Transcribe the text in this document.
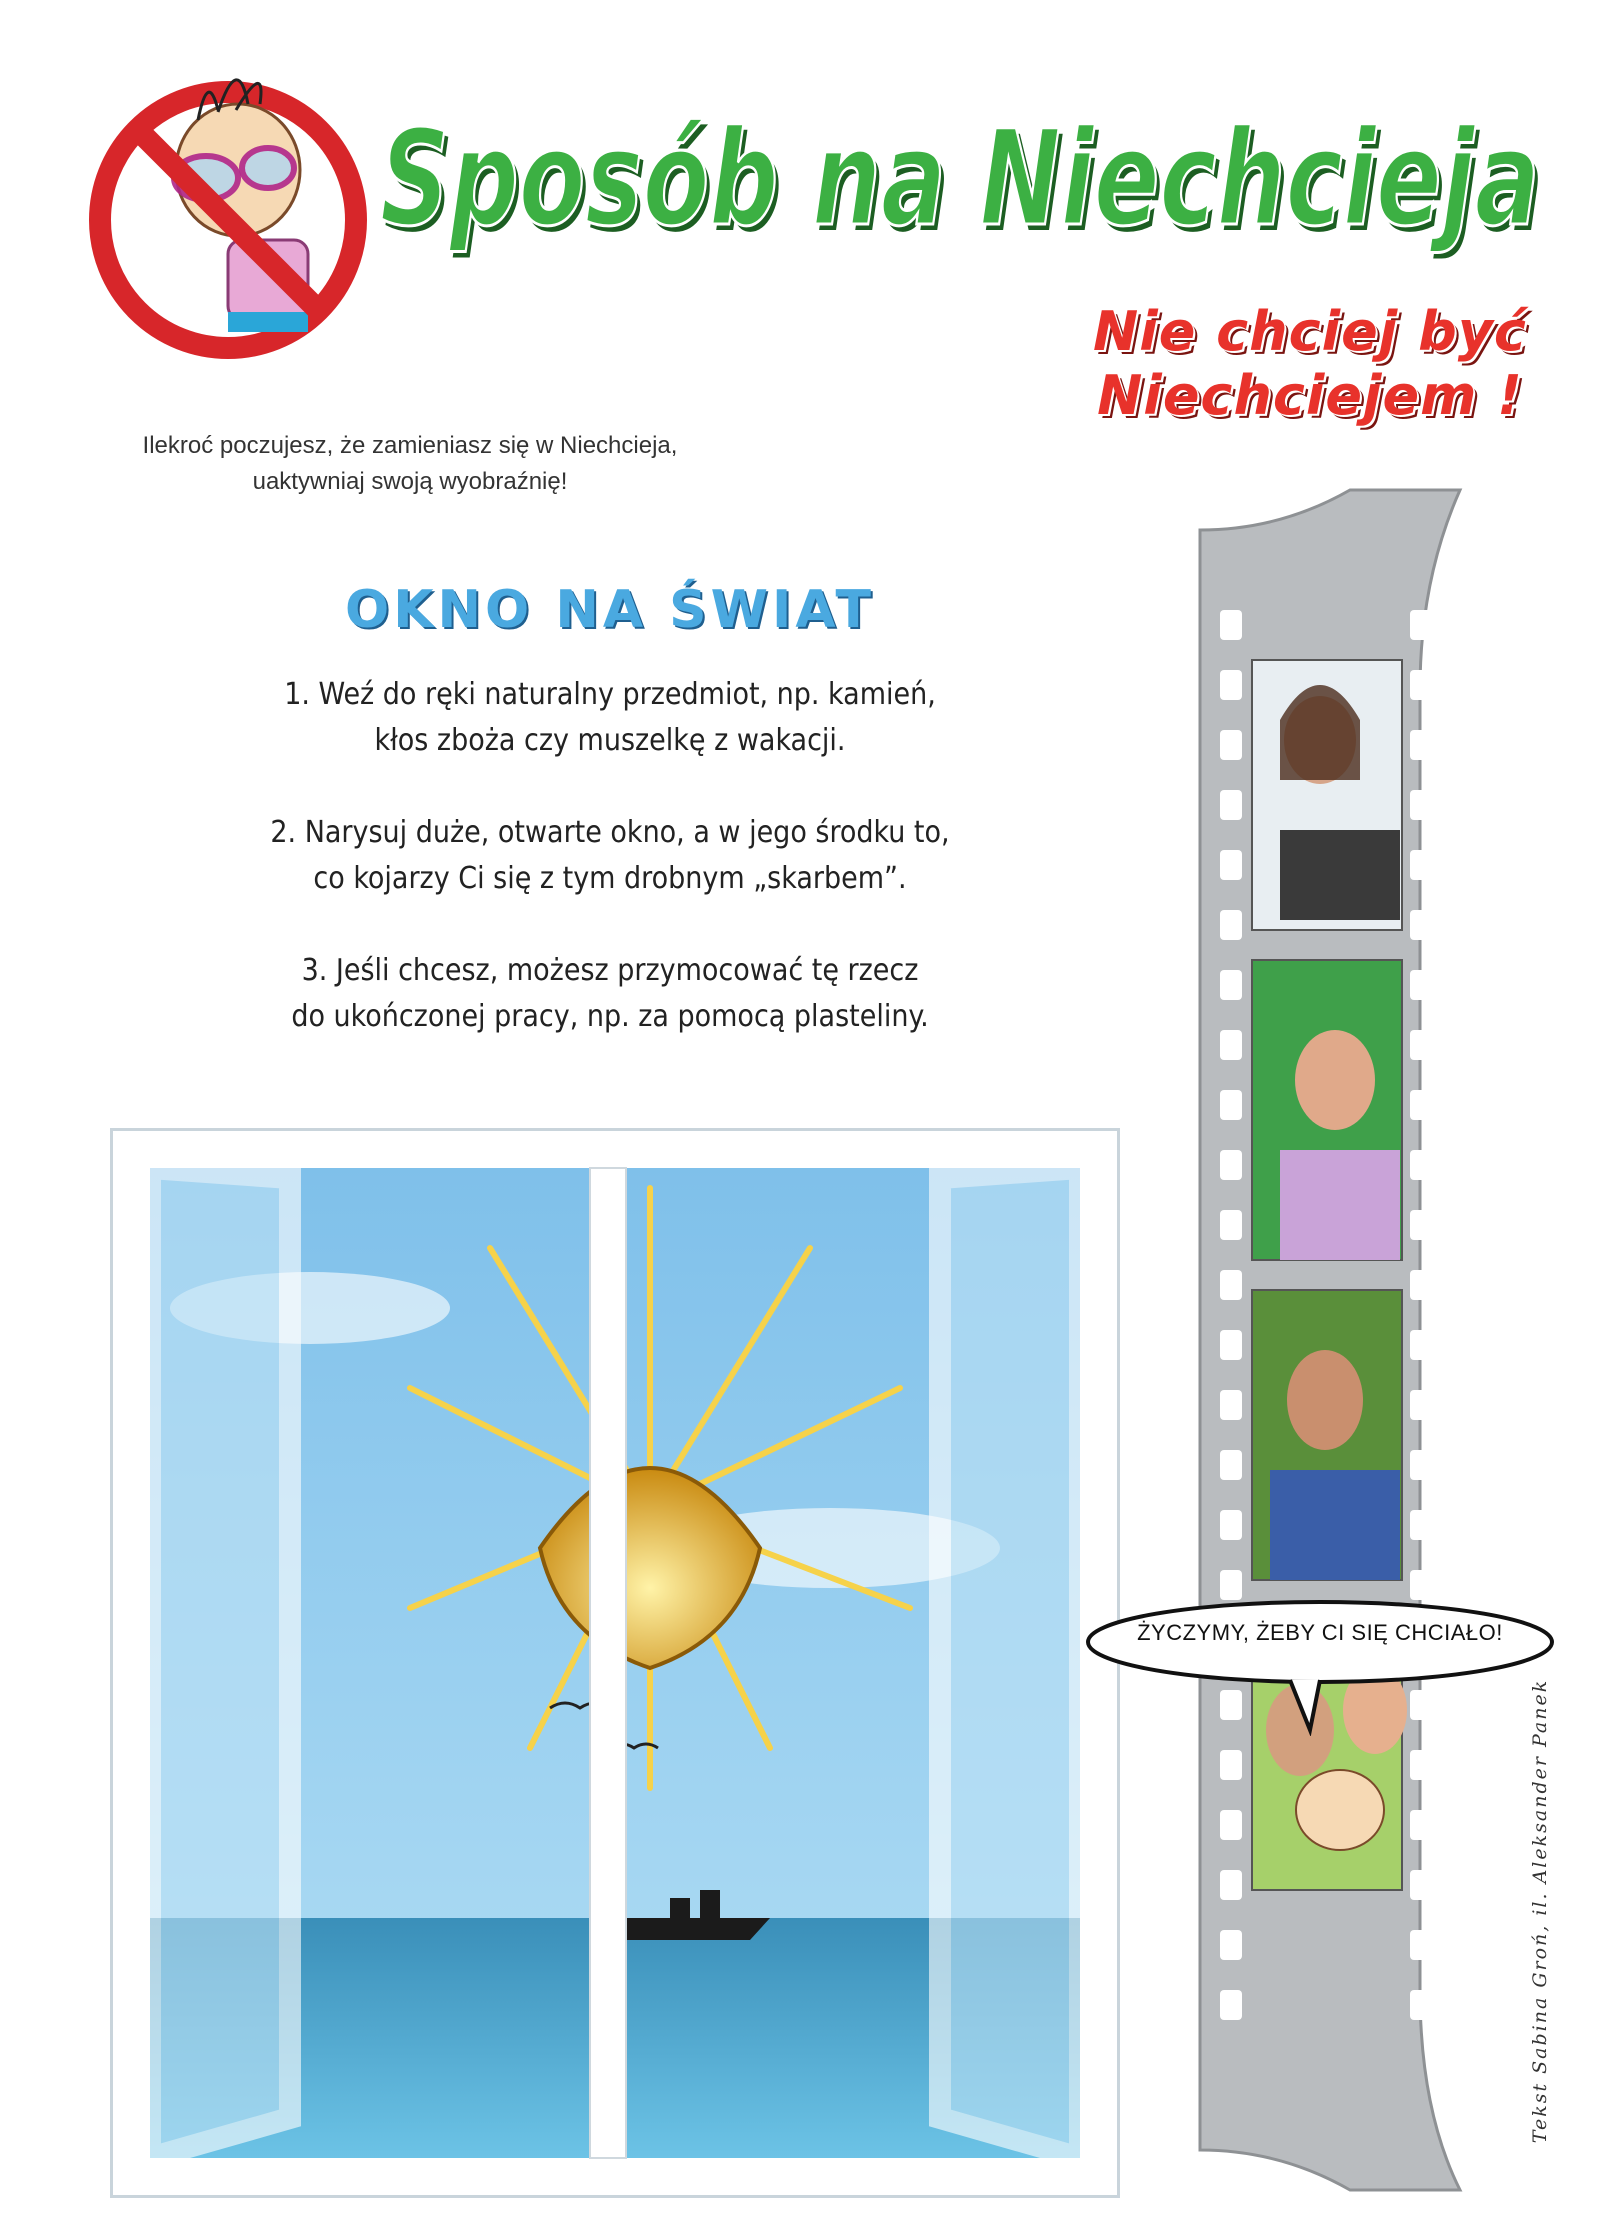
Sposób na Niechcieja
Sposób na Niechcieja
Nie chciej być
Niechciejem !
Ilekroć poczujesz, że zamieniasz się w Niechcieja,
uaktywniaj swoją wyobraźnię!
OKNO NA ŚWIAT
1. Weź do ręki naturalny przedmiot, np. kamień,
kłos zboża czy muszelkę z wakacji.
2. Narysuj duże, otwarte okno, a w jego środku to,
co kojarzy Ci się z tym drobnym „skarbem”.
3. Jeśli chcesz, możesz przymocować tę rzecz
do ukończonej pracy, np. za pomocą plasteliny.
ŻYCZYMY, ŻEBY CI SIĘ CHCIAŁO!
Tekst Sabina Groń, il. Aleksander Panek
